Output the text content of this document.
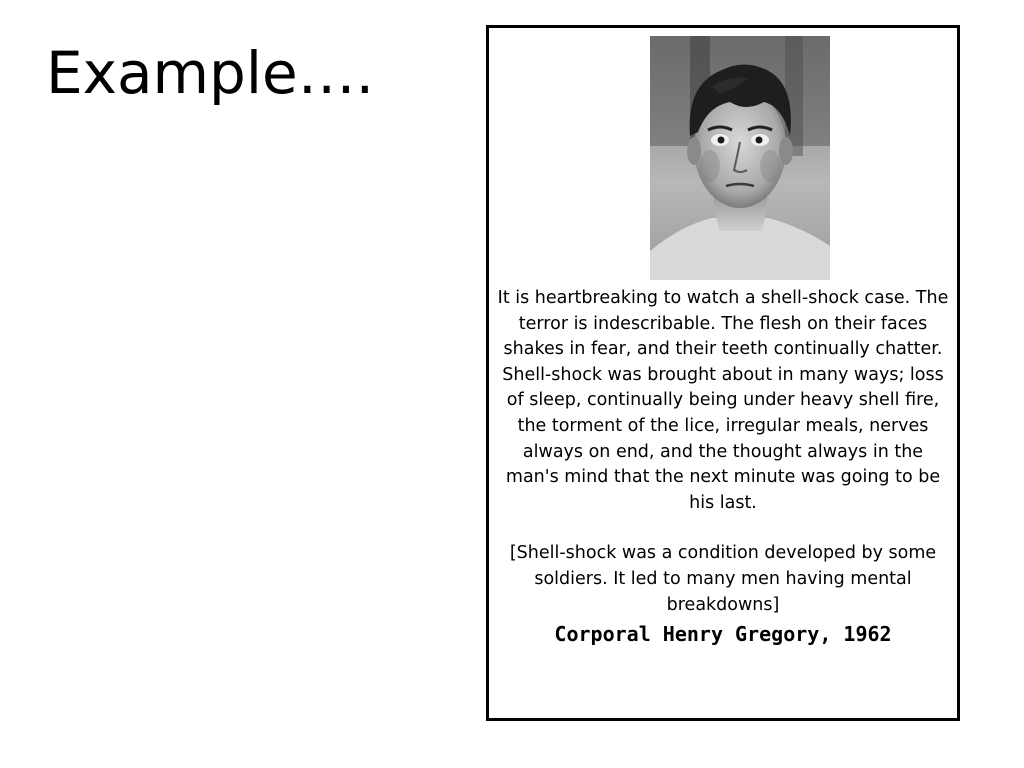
Example….

It is heartbreaking to watch a shell-shock case. The terror is indescribable. The flesh on their faces shakes in fear, and their teeth continually chatter. Shell-shock was brought about in many ways; loss of sleep, continually being under heavy shell fire, the torment of the lice, irregular meals, nerves always on end, and the thought always in the man's mind that the next minute was going to be his last.

[Shell-shock was a condition developed by some soldiers. It led to many men having mental breakdowns]

Corporal Henry Gregory, 1962
